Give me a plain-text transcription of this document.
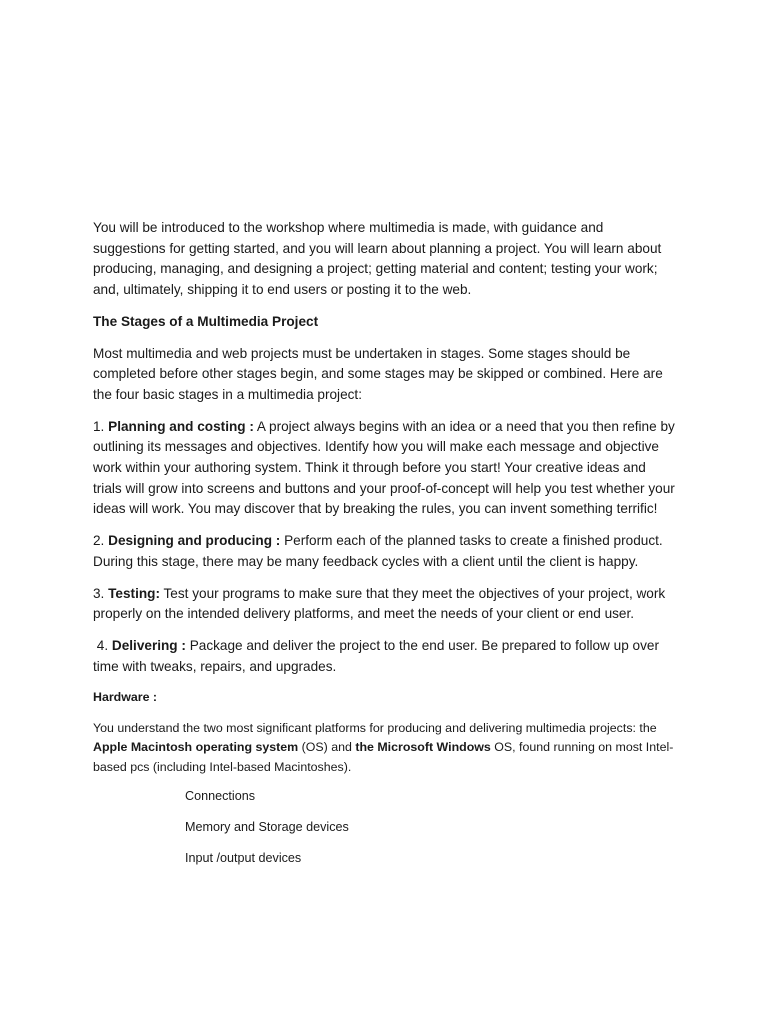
You will be introduced to the workshop where multimedia is made, with guidance and suggestions for getting started, and you will learn about planning a project. You will learn about producing, managing, and designing a project; getting material and content; testing your work; and, ultimately, shipping it to end users or posting it to the web.

The Stages of a Multimedia Project

Most multimedia and web projects must be undertaken in stages. Some stages should be completed before other stages begin, and some stages may be skipped or combined. Here are the four basic stages in a multimedia project:

1. Planning and costing : A project always begins with an idea or a need that you then refine by outlining its messages and objectives. Identify how you will make each message and objective work within your authoring system. Think it through before you start! Your creative ideas and trials will grow into screens and buttons and your proof-of-concept will help you test whether your ideas will work. You may discover that by breaking the rules, you can invent something terrific!

2. Designing and producing : Perform each of the planned tasks to create a finished product. During this stage, there may be many feedback cycles with a client until the client is happy.

3. Testing: Test your programs to make sure that they meet the objectives of your project, work properly on the intended delivery platforms, and meet the needs of your client or end user.

4. Delivering : Package and deliver the project to the end user. Be prepared to follow up over time with tweaks, repairs, and upgrades.

Hardware :

You understand the two most significant platforms for producing and delivering multimedia projects: the Apple Macintosh operating system (OS) and the Microsoft Windows OS, found running on most Intel-based pcs (including Intel-based Macintoshes).

Connections

Memory and Storage devices

Input /output devices
